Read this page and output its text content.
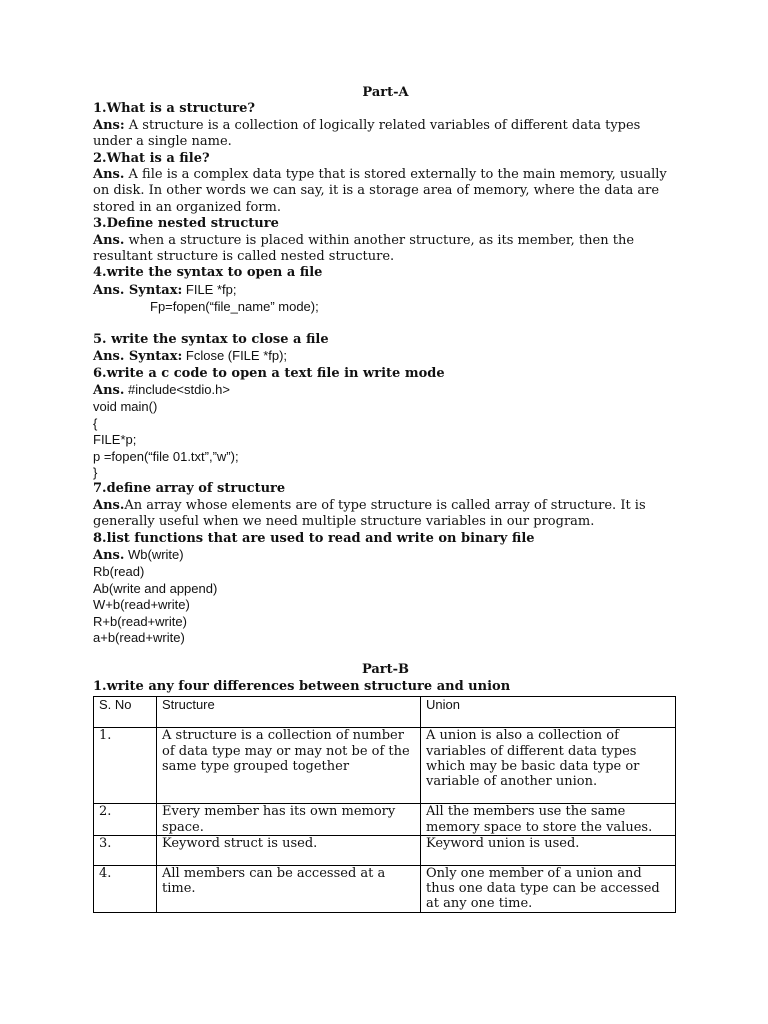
Part-A

1.What is a structure?

Ans: A structure is a collection of logically related variables of different data types under a single name.

2.What is a file?

Ans. A file is a complex data type that is stored externally to the main memory, usually on disk. In other words we can say, it is a storage area of memory, where the data are stored in an organized form.

3.Define nested structure

Ans. when a structure is placed within another structure, as its member, then the resultant structure is called nested structure.

4.write the syntax to open a file

Ans. Syntax: FILE *fp;

Fp=fopen(“file_name” mode);

5. write the syntax to close a file

Ans. Syntax: Fclose (FILE *fp);

6.write a c code to open a text file in write mode

Ans. #include<stdio.h>

void main()

{

FILE*p;

p =fopen(“file 01.txt”,”w”);

}

7.define array of structure

Ans.An array whose elements are of type structure is called array of structure. It is generally useful when we need multiple structure variables in our program.

8.list functions that are used to read and write on binary file

Ans. Wb(write)

Rb(read)

Ab(write and append)

W+b(read+write)

R+b(read+write)

a+b(read+write)

Part-B

1.write any four differences between structure and union

S. No	Structure	Union
1.	A structure is a collection of number of data type may or may not be of the same type grouped together	A union is also a collection of variables of different data types which may be basic data type or variable of another union.
2.	Every member has its own memory space.	All the members use the same memory space to store the values.
3.	Keyword struct is used.	Keyword union is used.
4.	All members can be accessed at a time.	Only one member of a union and thus one data type can be accessed at any one time.
